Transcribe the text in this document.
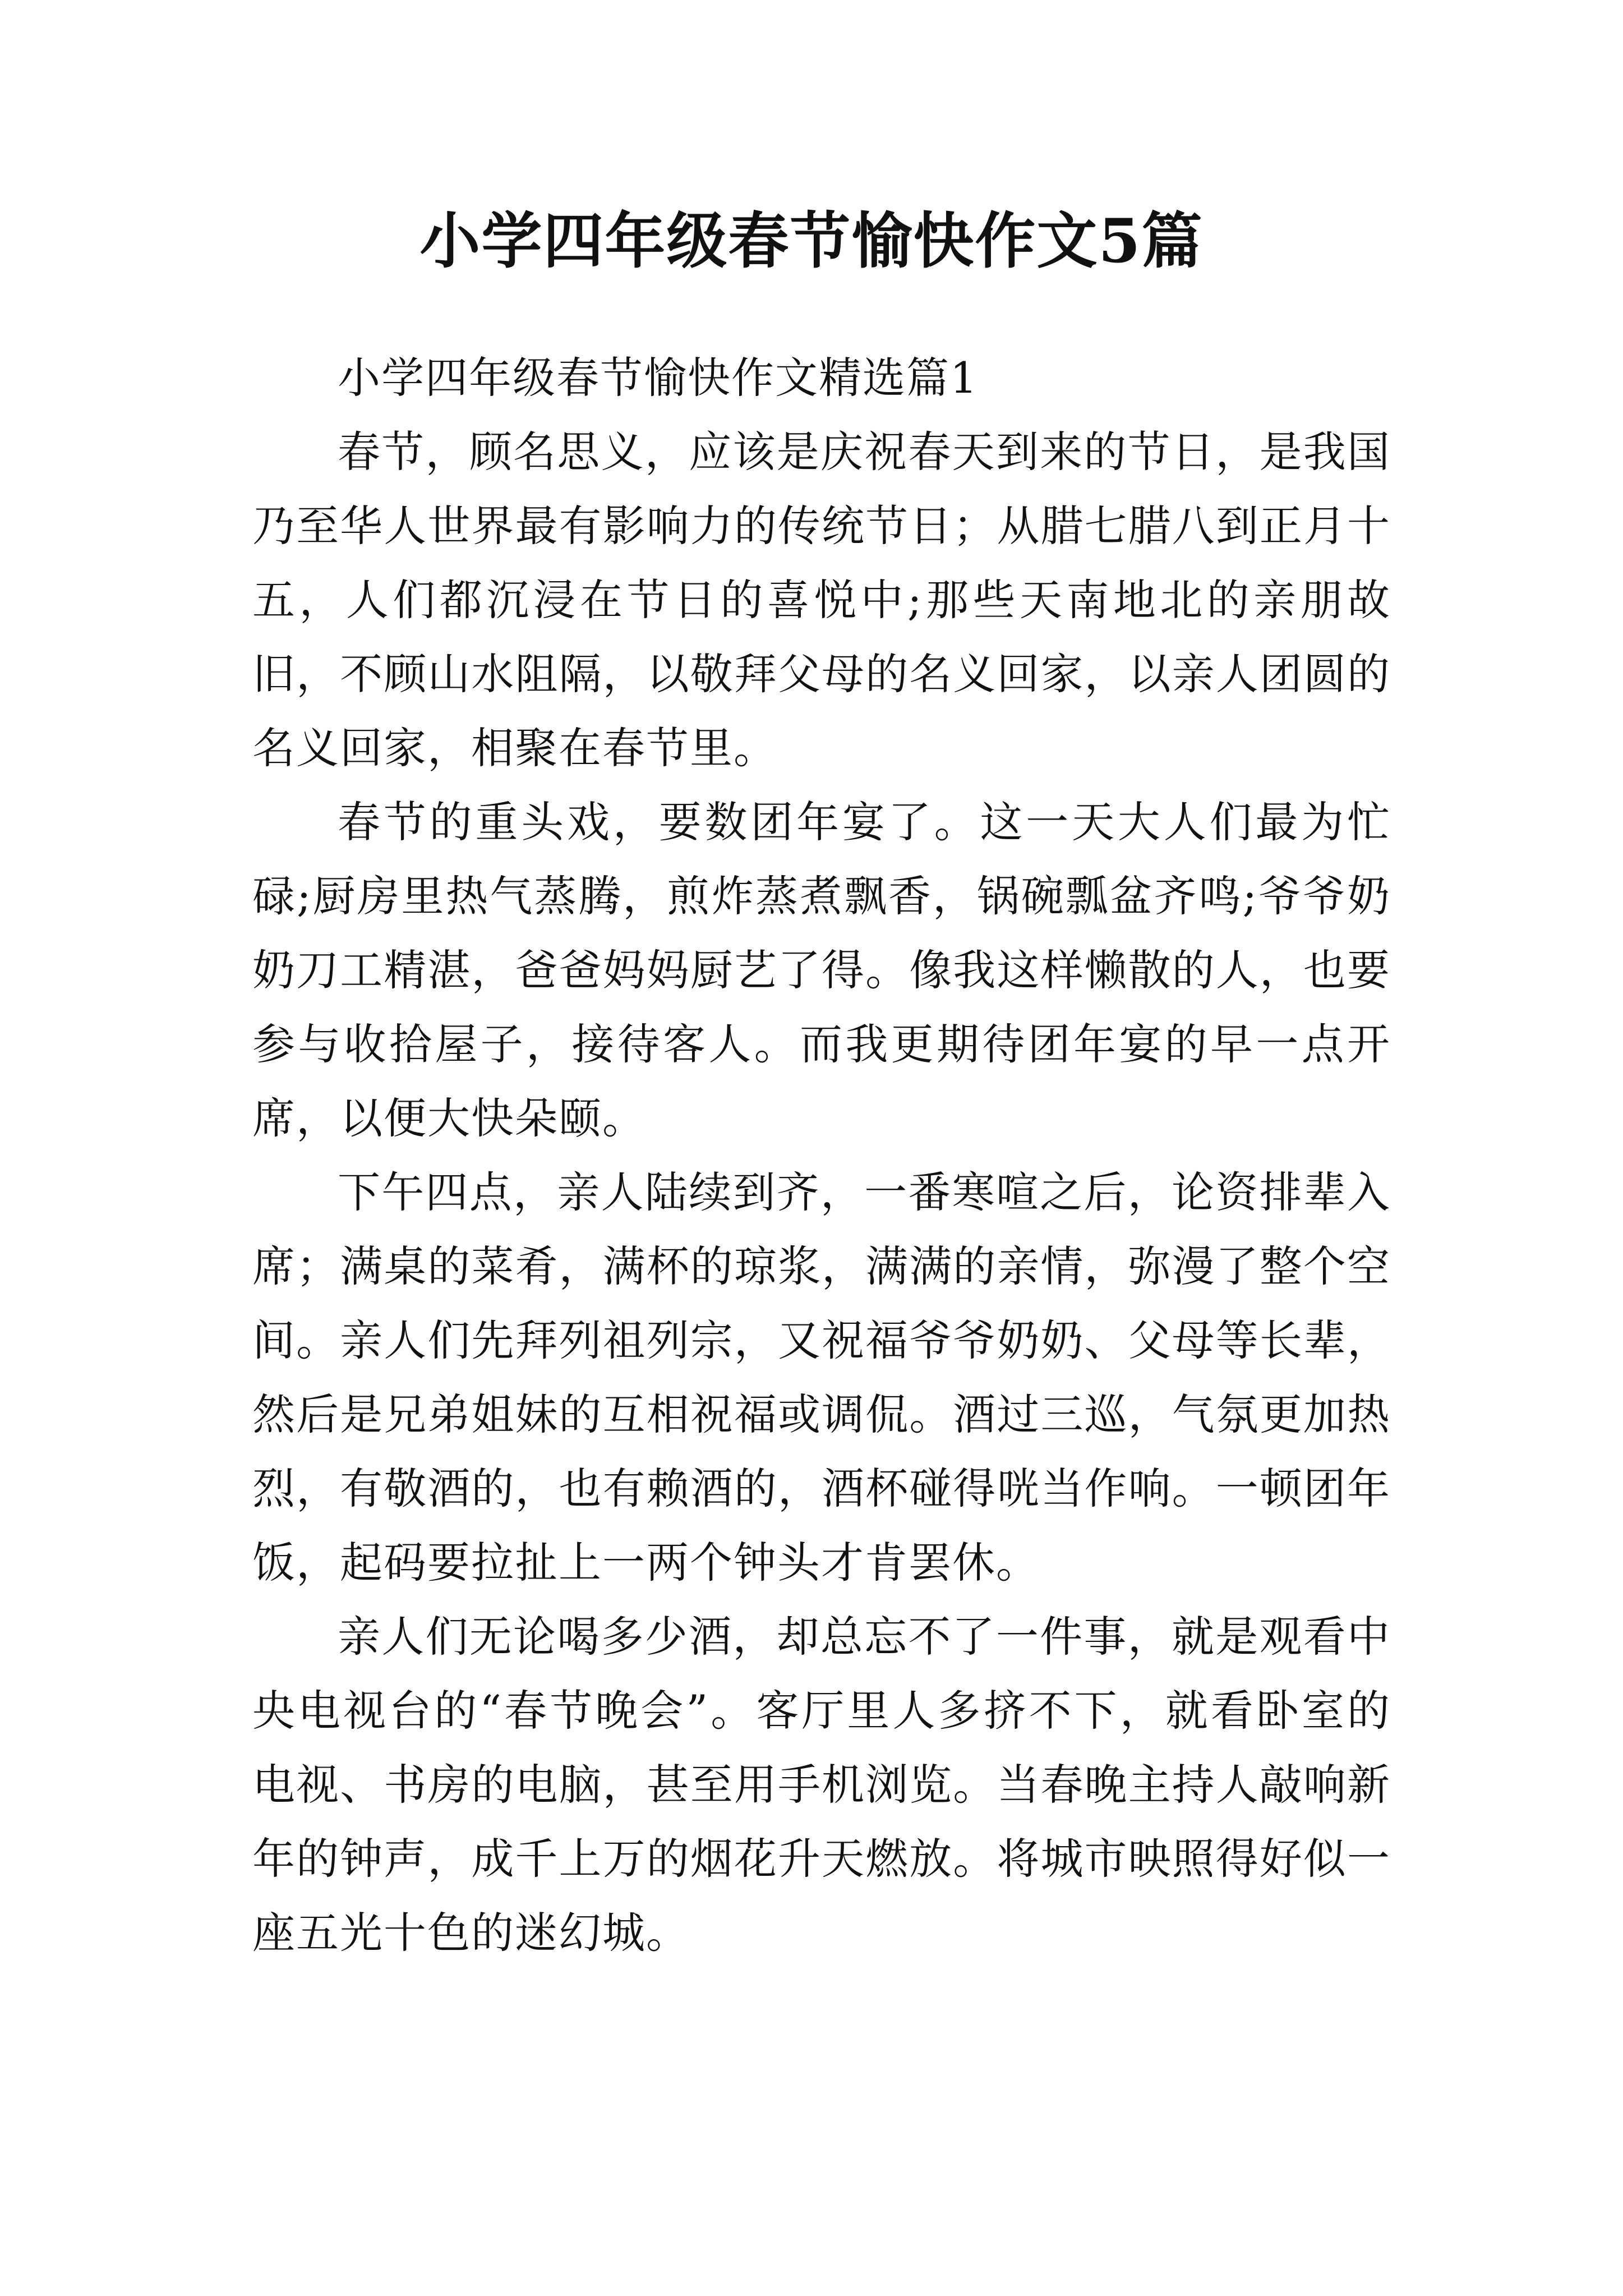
小学四年级春节愉快作文5篇

小学四年级春节愉快作文精选篇1

春节，顾名思义，应该是庆祝春天到来的节日，是我国乃至华人世界最有影响力的传统节日；从腊七腊八到正月十五，人们都沉浸在节日的喜悦中;那些天南地北的亲朋故旧，不顾山水阻隔，以敬拜父母的名义回家，以亲人团圆的名义回家，相聚在春节里。

春节的重头戏，要数团年宴了。这一天大人们最为忙碌;厨房里热气蒸腾，煎炸蒸煮飘香，锅碗瓢盆齐鸣;爷爷奶奶刀工精湛，爸爸妈妈厨艺了得。像我这样懒散的人，也要参与收拾屋子，接待客人。而我更期待团年宴的早一点开席，以便大快朵颐。

下午四点，亲人陆续到齐，一番寒喧之后，论资排辈入席；满桌的菜肴，满杯的琼浆，满满的亲情，弥漫了整个空间。亲人们先拜列祖列宗，又祝福爷爷奶奶、父母等长辈，然后是兄弟姐妹的互相祝福或调侃。酒过三巡，气氛更加热烈，有敬酒的，也有赖酒的，酒杯碰得咣当作响。一顿团年饭，起码要拉扯上一两个钟头才肯罢休。

亲人们无论喝多少酒，却总忘不了一件事，就是观看中央电视台的“春节晚会”。客厅里人多挤不下，就看卧室的电视、书房的电脑，甚至用手机浏览。当春晚主持人敲响新年的钟声，成千上万的烟花升天燃放。将城市映照得好似一座五光十色的迷幻城。
